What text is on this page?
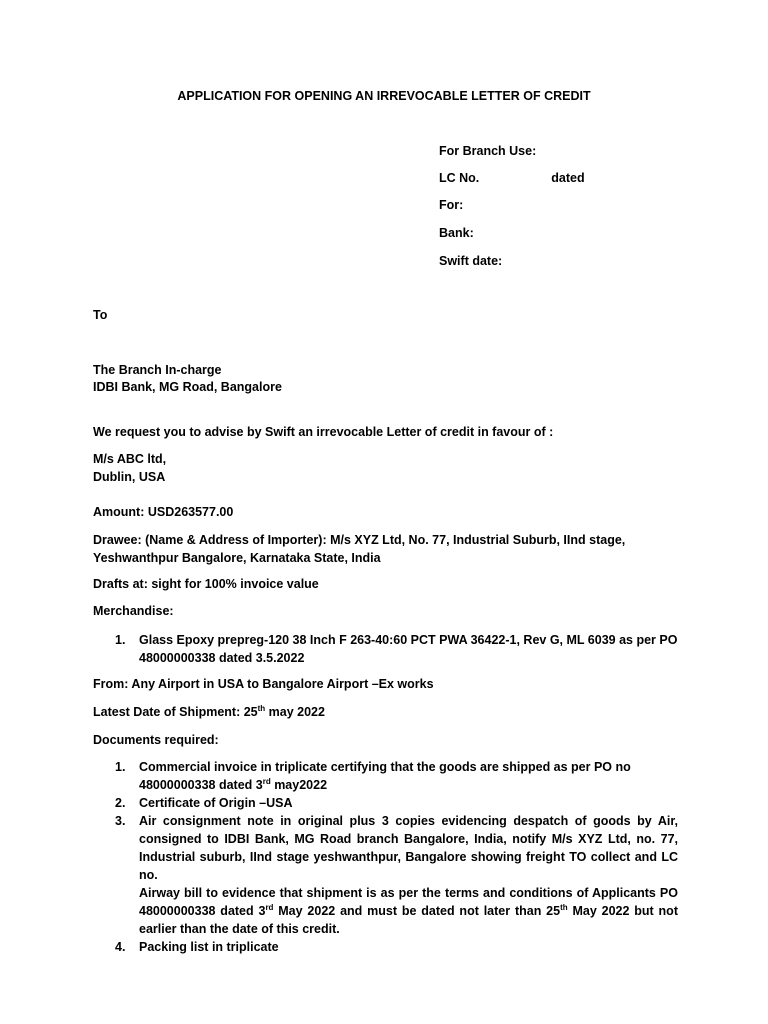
APPLICATION FOR OPENING AN IRREVOCABLE LETTER OF CREDIT
For Branch Use:
LC No.	dated
For:
Bank:
Swift date:
To
The Branch In-charge
IDBI Bank, MG Road, Bangalore
We request you to advise by Swift an irrevocable Letter of credit in favour of :
M/s ABC ltd,
Dublin, USA
Amount: USD263577.00
Drawee: (Name & Address of Importer): M/s XYZ Ltd, No. 77, Industrial Suburb, IInd stage,
Yeshwanthpur Bangalore, Karnataka State, India
Drafts at: sight for 100% invoice value
Merchandise:
1. Glass Epoxy prepreg-120 38 Inch F 263-40:60 PCT PWA 36422-1, Rev G, ML 6039 as per PO
48000000338 dated 3.5.2022
From: Any Airport in USA to Bangalore Airport –Ex works
Latest Date of Shipment: 25th may 2022
Documents required:
1. Commercial invoice in triplicate certifying that the goods are shipped as per PO no
48000000338 dated 3rd may2022
2. Certificate of Origin –USA
3. Air consignment note in original plus 3 copies evidencing despatch of goods by Air,
consigned to IDBI Bank, MG Road branch Bangalore, India, notify M/s XYZ Ltd, no. 77,
Industrial suburb, IInd stage yeshwanthpur, Bangalore showing freight TO collect and LC no.
Airway bill to evidence that shipment is as per the terms and conditions of Applicants PO
48000000338 dated 3rd May 2022 and must be dated not later than 25th May 2022 but not
earlier than the date of this credit.
4. Packing list in triplicate
